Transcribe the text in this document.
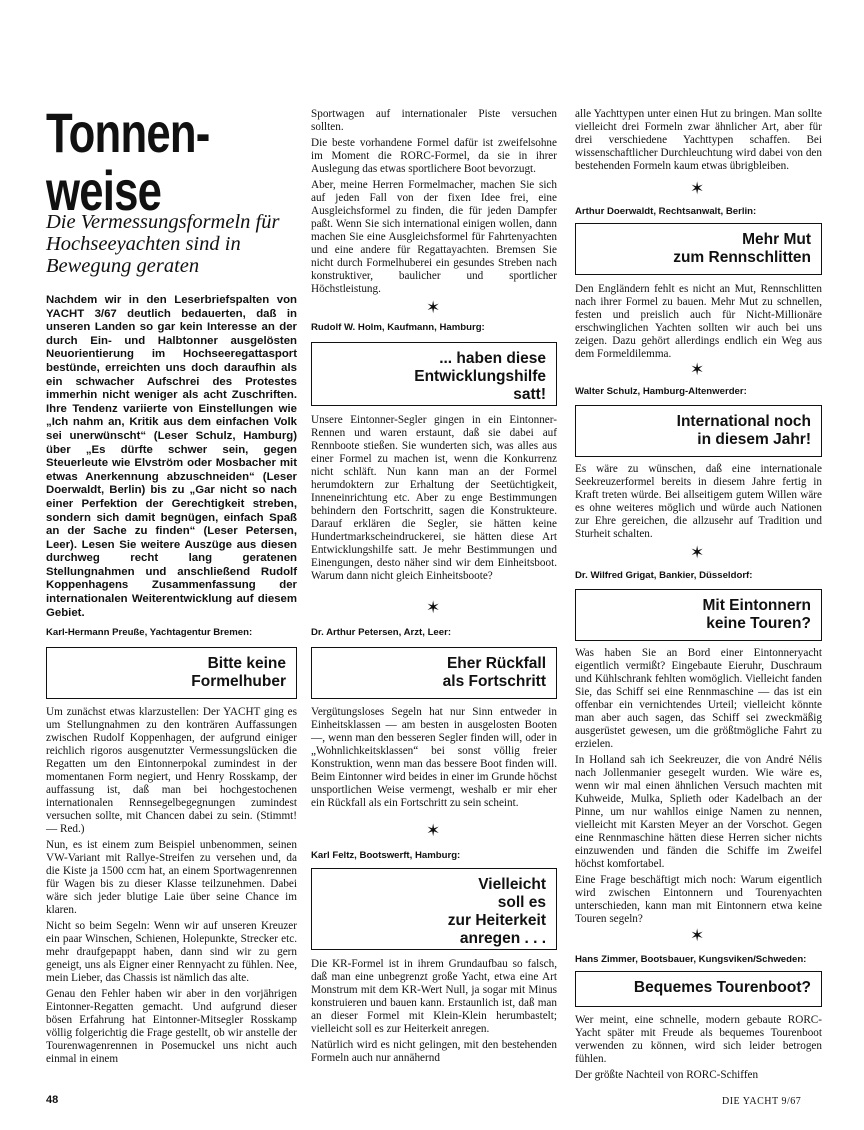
Tonnen-
weise
Die Vermessungsformeln für Hochseeyachten sind in Bewegung geraten

Nachdem wir in den Leserbriefspalten von YACHT 3/67 deutlich bedauerten, daß in unseren Landen so gar kein Interesse an der durch Ein- und Halbtonner ausgelösten Neuorientierung im Hochseeregattasport bestünde, erreichten uns doch daraufhin als ein schwacher Aufschrei des Protestes immerhin nicht weniger als acht Zuschriften. Ihre Tendenz variierte von Einstellungen wie „Ich nahm an, Kritik aus dem einfachen Volk sei unerwünscht“ (Leser Schulz, Hamburg) über „Es dürfte schwer sein, gegen Steuerleute wie Elvström oder Mosbacher mit etwas Anerkennung abzuschneiden“ (Leser Doerwaldt, Berlin) bis zu „Gar nicht so nach einer Perfektion der Gerechtigkeit streben, sondern sich damit begnügen, einfach Spaß an der Sache zu finden“ (Leser Petersen, Leer). Lesen Sie weitere Auszüge aus diesen durchweg recht lang geratenen Stellungnahmen und anschließend Rudolf Koppenhagens Zusammenfassung der internationalen Weiterentwicklung auf diesem Gebiet.

Karl-Hermann Preuße, Yachtagentur Bremen:
Bitte keine
Formelhuber

Um zunächst etwas klarzustellen: Der YACHT ging es um Stellungnahmen zu den konträren Auffassungen zwischen Rudolf Koppenhagen, der aufgrund einiger reichlich rigoros ausgenutzter Vermessungslücken die Regatten um den Eintonnerpokal zumindest in der momentanen Form negiert, und Henry Rosskamp, der auffassung ist, daß man bei hochgestochenen internationalen Rennsegelbegegnungen zumindest versuchen sollte, mit Chancen dabei zu sein. (Stimmt! — Red.)

Nun, es ist einem zum Beispiel unbenommen, seinen VW-Variant mit Rallye-Streifen zu versehen und, da die Kiste ja 1500 ccm hat, an einem Sportwagenrennen für Wagen bis zu dieser Klasse teilzunehmen. Dabei wäre sich jeder blutige Laie über seine Chance im klaren.

Nicht so beim Segeln: Wenn wir auf unseren Kreuzer ein paar Winschen, Schienen, Holepunkte, Strecker etc. mehr draufgepappt haben, dann sind wir zu gern geneigt, uns als Eigner einer Rennyacht zu fühlen. Nee, mein Lieber, das Chassis ist nämlich das alte.

Genau den Fehler haben wir aber in den vorjährigen Eintonner-Regatten gemacht. Und aufgrund dieser bösen Erfahrung hat Eintonner-Mitsegler Rosskamp völlig folgerichtig die Frage gestellt, ob wir anstelle der Tourenwagenrennen in Posemuckel uns nicht auch einmal in einem

Sportwagen auf internationaler Piste versuchen sollten.

Die beste vorhandene Formel dafür ist zweifelsohne im Moment die RORC-Formel, da sie in ihrer Auslegung das etwas sportlichere Boot bevorzugt.

Aber, meine Herren Formelmacher, machen Sie sich auf jeden Fall von der fixen Idee frei, eine Ausgleichsformel zu finden, die für jeden Dampfer paßt. Wenn Sie sich international einigen wollen, dann machen Sie eine Ausgleichsformel für Fahrtenyachten und eine andere für Regattayachten. Bremsen Sie nicht durch Formelhuberei ein gesundes Streben nach konstruktiver, baulicher und sportlicher Höchstleistung.

✶
Rudolf W. Holm, Kaufmann, Hamburg:
... haben diese
Entwicklungshilfe
satt!

Unsere Eintonner-Segler gingen in ein Eintonner-Rennen und waren erstaunt, daß sie dabei auf Rennboote stießen. Sie wunderten sich, was alles aus einer Formel zu machen ist, wenn die Konkurrenz nicht schläft. Nun kann man an der Formel herumdoktern zur Erhaltung der Seetüchtigkeit, Inneneinrichtung etc. Aber zu enge Bestimmungen behindern den Fortschritt, sagen die Konstrukteure. Darauf erklären die Segler, sie hätten keine Hundertmarkscheindruckerei, sie hätten diese Art Entwicklungshilfe satt. Je mehr Bestimmungen und Einengungen, desto näher sind wir dem Einheitsboot. Warum dann nicht gleich Einheitsboote?

✶
Dr. Arthur Petersen, Arzt, Leer:
Eher Rückfall
als Fortschritt

Vergütungsloses Segeln hat nur Sinn entweder in Einheitsklassen — am besten in ausgelosten Booten —, wenn man den besseren Segler finden will, oder in „Wohnlichkeitsklassen“ bei sonst völlig freier Konstruktion, wenn man das bessere Boot finden will. Beim Eintonner wird beides in einer im Grunde höchst unsportlichen Weise vermengt, weshalb er mir eher ein Rückfall als ein Fortschritt zu sein scheint.

✶
Karl Feltz, Bootswerft, Hamburg:
Vielleicht
soll es
zur Heiterkeit
anregen . . .

Die KR-Formel ist in ihrem Grundaufbau so falsch, daß man eine unbegrenzt große Yacht, etwa eine Art Monstrum mit dem KR-Wert Null, ja sogar mit Minus konstruieren und bauen kann. Erstaunlich ist, daß man an dieser Formel mit Klein-Klein herumbastelt; vielleicht soll es zur Heiterkeit anregen.

Natürlich wird es nicht gelingen, mit den bestehenden Formeln auch nur annähernd

alle Yachttypen unter einen Hut zu bringen. Man sollte vielleicht drei Formeln zwar ähnlicher Art, aber für drei verschiedene Yachttypen schaffen. Bei wissenschaftlicher Durchleuchtung wird dabei von den bestehenden Formeln kaum etwas übrigbleiben.

✶
Arthur Doerwaldt, Rechtsanwalt, Berlin:
Mehr Mut
zum Rennschlitten

Den Engländern fehlt es nicht an Mut, Rennschlitten nach ihrer Formel zu bauen. Mehr Mut zu schnellen, festen und preislich auch für Nicht-Millionäre erschwinglichen Yachten sollten wir auch bei uns zeigen. Dazu gehört allerdings endlich ein Weg aus dem Formeldilemma.

✶
Walter Schulz, Hamburg-Altenwerder:
International noch
in diesem Jahr!

Es wäre zu wünschen, daß eine internationale Seekreuzerformel bereits in diesem Jahre fertig in Kraft treten würde. Bei allseitigem gutem Willen wäre es ohne weiteres möglich und würde auch Nationen zur Ehre gereichen, die allzusehr auf Tradition und Sturheit schalten.

✶
Dr. Wilfred Grigat, Bankier, Düsseldorf:
Mit Eintonnern
keine Touren?

Was haben Sie an Bord einer Eintonneryacht eigentlich vermißt? Eingebaute Eieruhr, Duschraum und Kühlschrank fehlten womöglich. Vielleicht fanden Sie, das Schiff sei eine Rennmaschine — das ist ein offenbar ein vernichtendes Urteil; vielleicht könnte man aber auch sagen, das Schiff sei zweckmäßig ausgerüstet gewesen, um die größtmögliche Fahrt zu erzielen.

In Holland sah ich Seekreuzer, die von André Nélis nach Jollenmanier gesegelt wurden. Wie wäre es, wenn wir mal einen ähnlichen Versuch machten mit Kuhweide, Mulka, Splieth oder Kadelbach an der Pinne, um nur wahllos einige Namen zu nennen, vielleicht mit Karsten Meyer an der Vorschot. Gegen eine Rennmaschine hätten diese Herren sicher nichts einzuwenden und fänden die Schiffe im Zweifel höchst komfortabel.

Eine Frage beschäftigt mich noch: Warum eigentlich wird zwischen Eintonnern und Tourenyachten unterschieden, kann man mit Eintonnern etwa keine Touren segeln?

✶
Hans Zimmer, Bootsbauer, Kungsviken/Schweden:
Bequemes Tourenboot?

Wer meint, eine schnelle, modern gebaute RORC-Yacht später mit Freude als bequemes Tourenboot verwenden zu können, wird sich leider betrogen fühlen.

Der größte Nachteil von RORC-Schiffen

48	DIE YACHT 9/67
